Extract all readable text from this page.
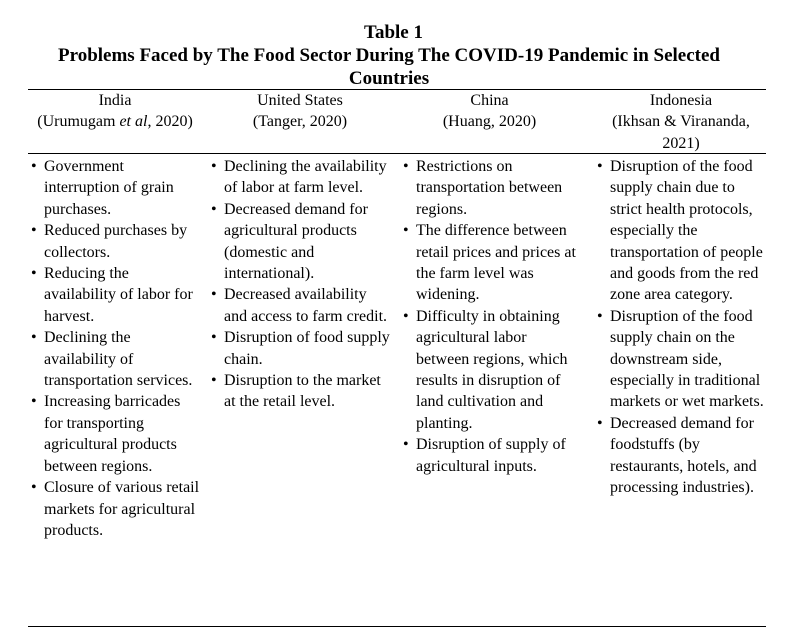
Table 1
Problems Faced by The Food Sector During The COVID-19 Pandemic in Selected Countries
India
(Urumugam et al, 2020)
• Government interruption of grain purchases.
• Reduced purchases by collectors.
• Reducing the availability of labor for harvest.
• Declining the availability of transportation services.
• Increasing barricades for transporting agricultural products between regions.
• Closure of various retail markets for agricultural products.
United States
(Tanger, 2020)
• Declining the availability of labor at farm level.
• Decreased demand for agricultural products (domestic and international).
• Decreased availability and access to farm credit.
• Disruption of food supply chain.
• Disruption to the market at the retail level.
China
(Huang, 2020)
• Restrictions on transportation between regions.
• The difference between retail prices and prices at the farm level was widening.
• Difficulty in obtaining agricultural labor between regions, which results in disruption of land cultivation and planting.
• Disruption of supply of agricultural inputs.
Indonesia
(Ikhsan & Virananda, 2021)
• Disruption of the food supply chain due to strict health protocols, especially the transportation of people and goods from the red zone area category.
• Disruption of the food supply chain on the downstream side, especially in traditional markets or wet markets.
• Decreased demand for foodstuffs (by restaurants, hotels, and processing industries).
